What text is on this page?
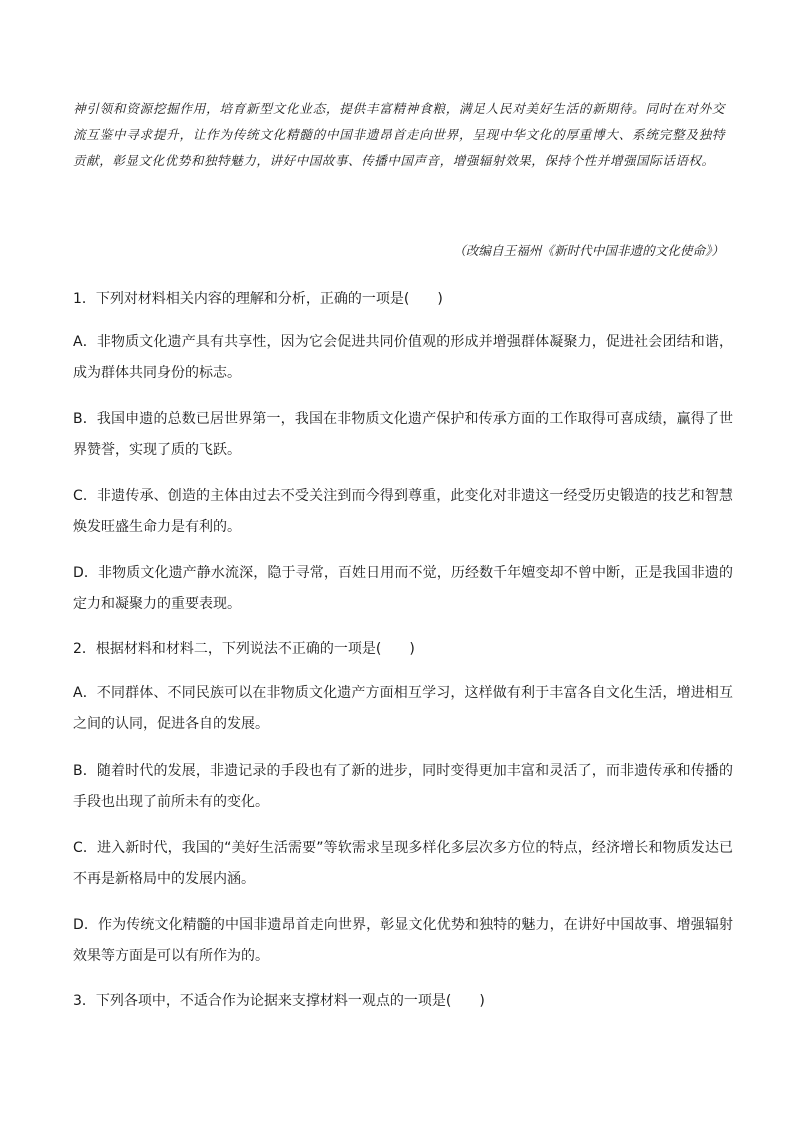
神引领和资源挖掘作用，培育新型文化业态，提供丰富精神食粮，满足人民对美好生活的新期待。同时在对外交流互鉴中寻求提升，让作为传统文化精髓的中国非遗昂首走向世界，呈现中华文化的厚重博大、系统完整及独特贡献，彰显文化优势和独特魅力，讲好中国故事、传播中国声音，增强辐射效果，保持个性并增强国际话语权。

（改编自王福州《新时代中国非遗的文化使命》）

1．下列对材料相关内容的理解和分析，正确的一项是(　　)

A．非物质文化遗产具有共享性，因为它会促进共同价值观的形成并增强群体凝聚力，促进社会团结和谐，成为群体共同身份的标志。

B．我国申遗的总数已居世界第一，我国在非物质文化遗产保护和传承方面的工作取得可喜成绩，赢得了世界赞誉，实现了质的飞跃。

C．非遗传承、创造的主体由过去不受关注到而今得到尊重，此变化对非遗这一经受历史锻造的技艺和智慧焕发旺盛生命力是有利的。

D．非物质文化遗产静水流深，隐于寻常，百姓日用而不觉，历经数千年嬗变却不曾中断，正是我国非遗的定力和凝聚力的重要表现。

2．根据材料和材料二，下列说法不正确的一项是(　　)

A．不同群体、不同民族可以在非物质文化遗产方面相互学习，这样做有利于丰富各自文化生活，增进相互之间的认同，促进各自的发展。

B．随着时代的发展，非遗记录的手段也有了新的进步，同时变得更加丰富和灵活了，而非遗传承和传播的手段也出现了前所未有的变化。

C．进入新时代，我国的“美好生活需要”等软需求呈现多样化多层次多方位的特点，经济增长和物质发达已不再是新格局中的发展内涵。

D．作为传统文化精髓的中国非遗昂首走向世界，彰显文化优势和独特的魅力，在讲好中国故事、增强辐射效果等方面是可以有所作为的。

3．下列各项中，不适合作为论据来支撑材料一观点的一项是(　　)
